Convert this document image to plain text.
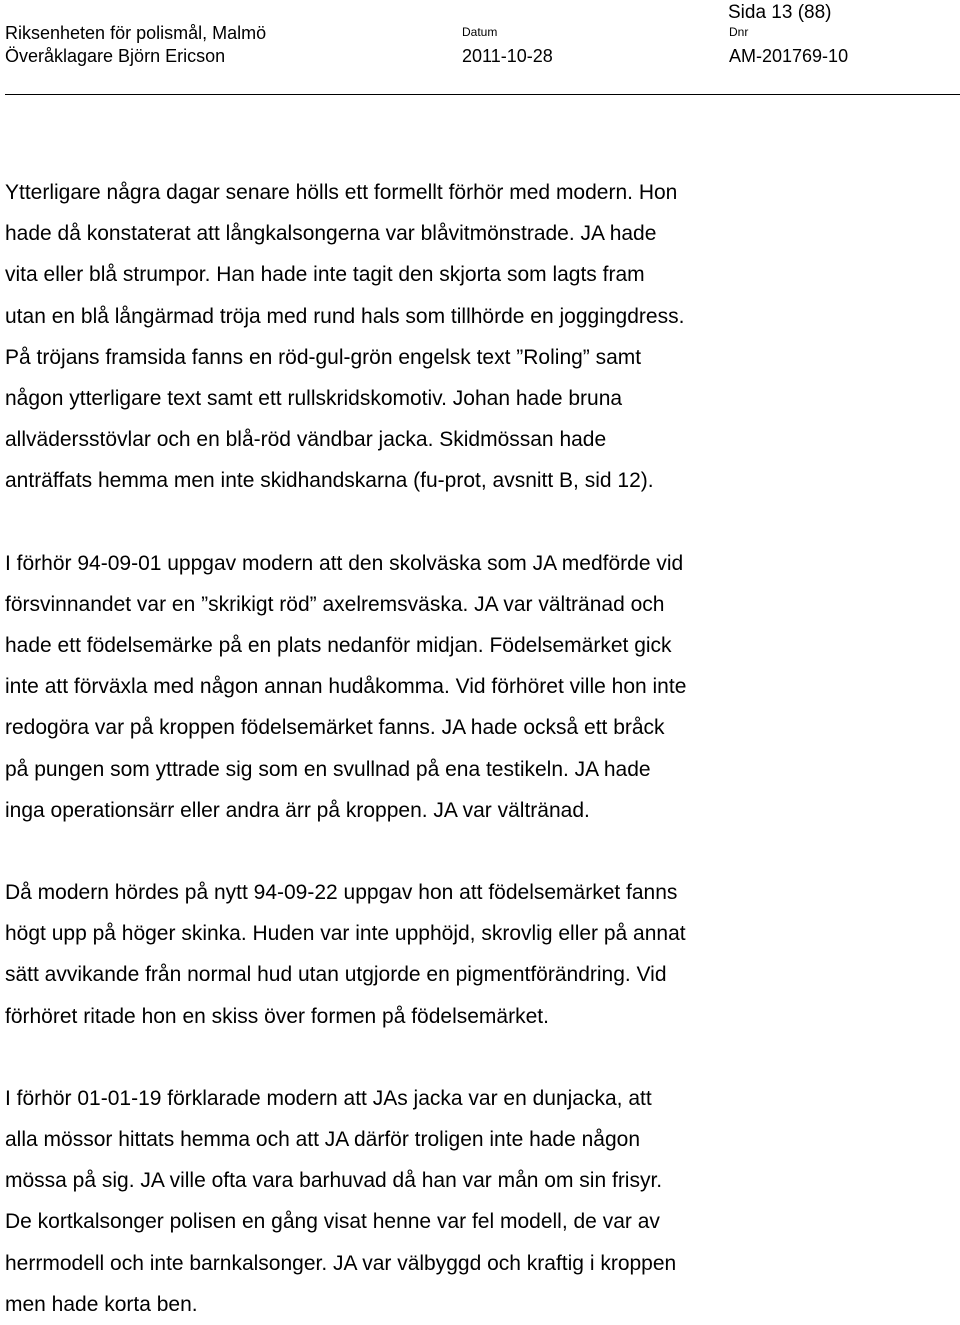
Sida 13 (88)
Riksenheten för polismål, Malmö
Överåklagare Björn Ericson
Datum
2011-10-28
Dnr
AM-201769-10

Ytterligare några dagar senare hölls ett formellt förhör med modern. Hon
hade då konstaterat att långkalsongerna var blåvitmönstrade. JA hade
vita eller blå strumpor. Han hade inte tagit den skjorta som lagts fram
utan en blå långärmad tröja med rund hals som tillhörde en joggingdress.
På tröjans framsida fanns en röd-gul-grön engelsk text ”Roling” samt
någon ytterligare text samt ett rullskridskomotiv. Johan hade bruna
allvädersstövlar och en blå-röd vändbar jacka. Skidmössan hade
anträffats hemma men inte skidhandskarna (fu-prot, avsnitt B, sid 12).

I förhör 94-09-01 uppgav modern att den skolväska som JA medförde vid
försvinnandet var en ”skrikigt röd” axelremsväska. JA var vältränad och
hade ett födelsemärke på en plats nedanför midjan. Födelsemärket gick
inte att förväxla med någon annan hudåkomma. Vid förhöret ville hon inte
redogöra var på kroppen födelsemärket fanns. JA hade också ett bråck
på pungen som yttrade sig som en svullnad på ena testikeln. JA hade
inga operationsärr eller andra ärr på kroppen. JA var vältränad.

Då modern hördes på nytt 94-09-22 uppgav hon att födelsemärket fanns
högt upp på höger skinka. Huden var inte upphöjd, skrovlig eller på annat
sätt avvikande från normal hud utan utgjorde en pigmentförändring. Vid
förhöret ritade hon en skiss över formen på födelsemärket.

I förhör 01-01-19 förklarade modern att JAs jacka var en dunjacka, att
alla mössor hittats hemma och att JA därför troligen inte hade någon
mössa på sig. JA ville ofta vara barhuvad då han var mån om sin frisyr.
De kortkalsonger polisen en gång visat henne var fel modell, de var av
herrmodell och inte barnkalsonger. JA var välbyggd och kraftig i kroppen
men hade korta ben.
